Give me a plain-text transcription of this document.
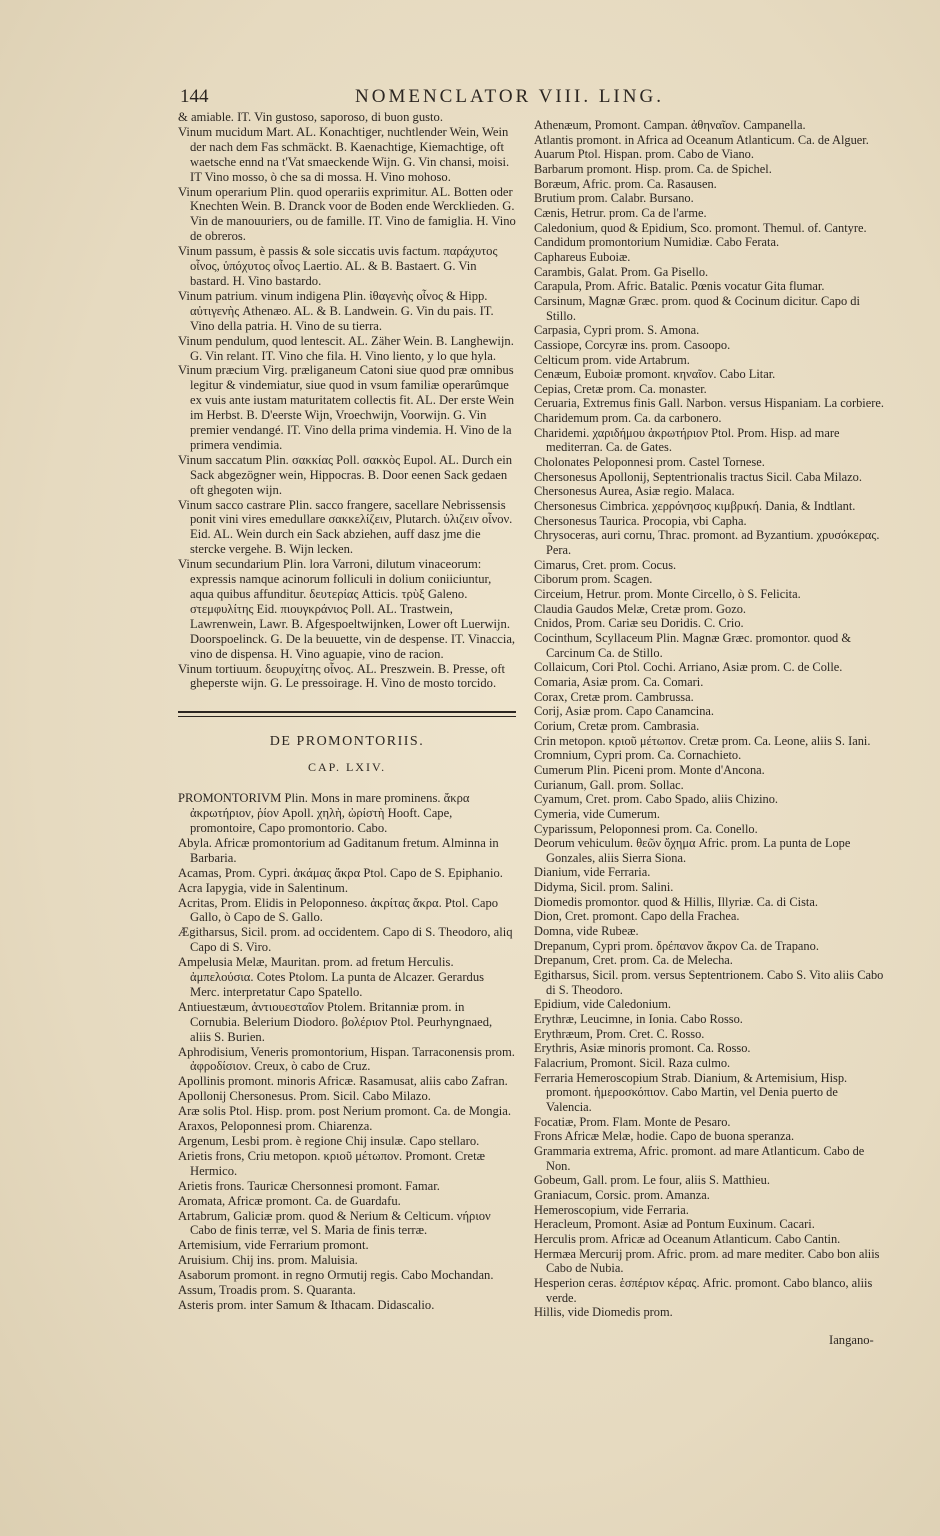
144	NOMENCLATOR VIII. LING.

& amiable. IT. Vin gustoso, saporoso, di buon gusto.

Vinum mucidum Mart. AL. Konachtiger, nuchtlender Wein, Wein der nach dem Fas schmäckt. B. Kaenachtige, Kiemachtige, oft waetsche ennd na t'Vat smaeckende Wijn. G. Vin chansi, moisi. IT Vino mosso, ò che sa di mossa. H. Vino mohoso.

Vinum operarium Plin. quod operariis exprimitur. AL. Botten oder Knechten Wein. B. Dranck voor de Boden ende Wercklieden. G. Vin de manouuriers, ou de famille. IT. Vino de famiglia. H. Vino de obreros.

Vinum passum, è passis & sole siccatis uvis factum. παράχυτος οἶνος, ὑπόχυτος οἶνος Laertio. AL. & B. Bastaert. G. Vin bastard. H. Vino bastardo.

Vinum patrium. vinum indigena Plin. ἰθαγενὴς οἶνος & Hipp. αὐτιγενὴς Athenæo. AL. & B. Landwein. G. Vin du pais. IT. Vino della patria. H. Vino de su tierra.

Vinum pendulum, quod lentescit. AL. Zäher Wein. B. Langhewijn. G. Vin relant. IT. Vino che fila. H. Vino liento, y lo que hyla.

Vinum præcium Virg. præliganeum Catoni siue quod præ omnibus legitur & vindemiatur, siue quod in vsum familiæ operarûmque ex vuis ante iustam maturitatem collectis fit. AL. Der erste Wein im Herbst. B. D'eerste Wijn, Vroechwijn, Voorwijn. G. Vin premier vendangé. IT. Vino della prima vindemia. H. Vino de la primera vendimia.

Vinum saccatum Plin. σακκίας Poll. σακκὸς Eupol. AL. Durch ein Sack abgezögner wein, Hippocras. B. Door eenen Sack gedaen oft ghegoten wijn.

Vinum sacco castrare Plin. sacco frangere, sacellare Nebrissensis ponit vini vires emedullare σακκελίζειν, Plutarch. ὑλιζειν οἶνον. Eid. AL. Wein durch ein Sack abziehen, auff dasz jme die stercke vergehe. B. Wijn lecken.

Vinum secundarium Plin. lora Varroni, dilutum vinaceorum: expressis namque acinorum folliculi in dolium coniiciuntur, aqua quibus affunditur. δευτερίας Atticis. τρὺξ Galeno. στεμφυλίτης Eid. πιουγκράνιος Poll. AL. Trastwein, Lawrenwein, Lawr. B. Afgespoeltwijnken, Lower oft Luerwijn. Doorspoelinck. G. De la beuuette, vin de despense. IT. Vinaccia, vino de dispensa. H. Vino aguapie, vino de racion.

Vinum tortiuum. δευρυχίτης οἶνος. AL. Preszwein. B. Presse, oft gheperste wijn. G. Le pressoirage. H. Vino de mosto torcido.

DE PROMONTORIIS.
CAP. LXIV.

PROMONTORIVM Plin. Mons in mare prominens. ἄκρα ἀκρωτήριον, ῥίον Apoll. χηλὴ, ὠρίστὴ Hooft. Cape, promontoire, Capo promontorio. Cabo.

Abyla. Africæ promontorium ad Gaditanum fretum. Alminna in Barbaria.

Acamas, Prom. Cypri. ἀκάμας ἄκρα Ptol. Capo de S. Epiphanio.

Acra Iapygia, vide in Salentinum.

Acritas, Prom. Elidis in Peloponneso. ἀκρίτας ἄκρα. Ptol. Capo Gallo, ò Capo de S. Gallo.

Ægitharsus, Sicil. prom. ad occidentem. Capo di S. Theodoro, aliq Capo di S. Viro.

Ampelusia Melæ, Mauritan. prom. ad fretum Herculis. ἀμπελούσια. Cotes Ptolom. La punta de Alcazer. Gerardus Merc. interpretatur Capo Spatello.

Antiuestæum, ἀντιουεσταῖον Ptolem. Britanniæ prom. in Cornubia. Belerium Diodoro. βολέριον Ptol. Peurhyngnaed, aliis S. Burien.

Aphrodisium, Veneris promontorium, Hispan. Tarraconensis prom. ἀφροδίσιον. Creux, ò cabo de Cruz.

Apollinis promont. minoris Africæ. Rasamusat, aliis cabo Zafran.

Apollonij Chersonesus. Prom. Sicil. Cabo Milazo.

Aræ solis Ptol. Hisp. prom. post Nerium promont. Ca. de Mongia.

Araxos, Peloponnesi prom. Chiarenza.

Argenum, Lesbi prom. è regione Chij insulæ. Capo stellaro.

Arietis frons, Criu metopon. κριοῦ μέτωπον. Promont. Cretæ Hermico.

Arietis frons. Tauricæ Chersonnesi promont. Famar.

Aromata, Africæ promont. Ca. de Guardafu.

Artabrum, Galiciæ prom. quod & Nerium & Celticum. νήριον Cabo de finis terræ, vel S. Maria de finis terræ.

Artemisium, vide Ferrarium promont.

Aruisium. Chij ins. prom. Maluisia.

Asaborum promont. in regno Ormutij regis. Cabo Mochandan.

Assum, Troadis prom. S. Quaranta.

Asteris prom. inter Samum & Ithacam. Didascalio.

Athenæum, Promont. Campan. ἀθηναῖον. Campanella.

Atlantis promont. in Africa ad Oceanum Atlanticum. Ca. de Alguer.

Auarum Ptol. Hispan. prom. Cabo de Viano.

Barbarum promont. Hisp. prom. Ca. de Spichel.

Boræum, Afric. prom. Ca. Rasausen.

Brutium prom. Calabr. Bursano.

Cænis, Hetrur. prom. Ca de l'arme.

Caledonium, quod & Epidium, Sco. promont. Themul. of. Cantyre.

Candidum promontorium Numidiæ. Cabo Ferata.

Caphareus Euboiæ.

Carambis, Galat. Prom. Ga Pisello.

Carapula, Prom. Afric. Batalic. Pœnis vocatur Gita flumar.

Carsinum, Magnæ Græc. prom. quod & Cocinum dicitur. Capo di Stillo.

Carpasia, Cypri prom. S. Amona.

Cassiope, Corcyræ ins. prom. Casoopo.

Celticum prom. vide Artabrum.

Cenæum, Euboiæ promont. κηναῖον. Cabo Litar.

Cepias, Cretæ prom. Ca. monaster.

Ceruaria, Extremus finis Gall. Narbon. versus Hispaniam. La corbiere.

Charidemum prom. Ca. da carbonero.

Charidemi. χαριδήμου ἀκρωτήριον Ptol. Prom. Hisp. ad mare mediterran. Ca. de Gates.

Cholonates Peloponnesi prom. Castel Tornese.

Chersonesus Apollonij, Septentrionalis tractus Sicil. Caba Milazo.

Chersonesus Aurea, Asiæ regio. Malaca.

Chersonesus Cimbrica. χερρόνησος κιμβρική. Dania, & Indtlant.

Chersonesus Taurica. Procopia, vbi Capha.

Chrysoceras, auri cornu, Thrac. promont. ad Byzantium. χρυσόκερας. Pera.

Cimarus, Cret. prom. Cocus.

Ciborum prom. Scagen.

Circeium, Hetrur. prom. Monte Circello, ò S. Felicita.

Claudia Gaudos Melæ, Cretæ prom. Gozo.

Cnidos, Prom. Cariæ seu Doridis. C. Crio.

Cocinthum, Scyllaceum Plin. Magnæ Græc. promontor. quod & Carcinum Ca. de Stillo.

Collaicum, Cori Ptol. Cochi. Arriano, Asiæ prom. C. de Colle.

Comaria, Asiæ prom. Ca. Comari.

Corax, Cretæ prom. Cambrussa.

Corij, Asiæ prom. Capo Canamcina.

Corium, Cretæ prom. Cambrasia.

Crin metopon. κριοῦ μέτωπον. Cretæ prom. Ca. Leone, aliis S. Iani.

Cromnium, Cypri prom. Ca. Cornachieto.

Cumerum Plin. Piceni prom. Monte d'Ancona.

Curianum, Gall. prom. Sollac.

Cyamum, Cret. prom. Cabo Spado, aliis Chizino.

Cymeria, vide Cumerum.

Cyparissum, Peloponnesi prom. Ca. Conello.

Deorum vehiculum. θεῶν ὄχημα Afric. prom. La punta de Lope Gonzales, aliis Sierra Siona.

Dianium, vide Ferraria.

Didyma, Sicil. prom. Salini.

Diomedis promontor. quod & Hillis, Illyriæ. Ca. di Cista.

Dion, Cret. promont. Capo della Frachea.

Domna, vide Rubeæ.

Drepanum, Cypri prom. δρέπανον ἄκρον Ca. de Trapano.

Drepanum, Cret. prom. Ca. de Melecha.

Egitharsus, Sicil. prom. versus Septentrionem. Cabo S. Vito aliis Cabo di S. Theodoro.

Epidium, vide Caledonium.

Erythræ, Leucimne, in Ionia. Cabo Rosso.

Erythræum, Prom. Cret. C. Rosso.

Erythris, Asiæ minoris promont. Ca. Rosso.

Falacrium, Promont. Sicil. Raza culmo.

Ferraria Hemeroscopium Strab. Dianium, & Artemisium, Hisp. promont. ἡμεροσκόπιον. Cabo Martin, vel Denia puerto de Valencia.

Focatiæ, Prom. Flam. Monte de Pesaro.

Frons Africæ Melæ, hodie. Capo de buona speranza.

Grammaria extrema, Afric. promont. ad mare Atlanticum. Cabo de Non.

Gobeum, Gall. prom. Le four, aliis S. Matthieu.

Graniacum, Corsic. prom. Amanza.

Hemeroscopium, vide Ferraria.

Heracleum, Promont. Asiæ ad Pontum Euxinum. Cacari.

Herculis prom. Africæ ad Oceanum Atlanticum. Cabo Cantin.

Hermæa Mercurij prom. Afric. prom. ad mare mediter. Cabo bon aliis Cabo de Nubia.

Hesperion ceras. ἑσπέριον κέρας. Afric. promont. Cabo blanco, aliis verde.

Hillis, vide Diomedis prom.

Iangano-
